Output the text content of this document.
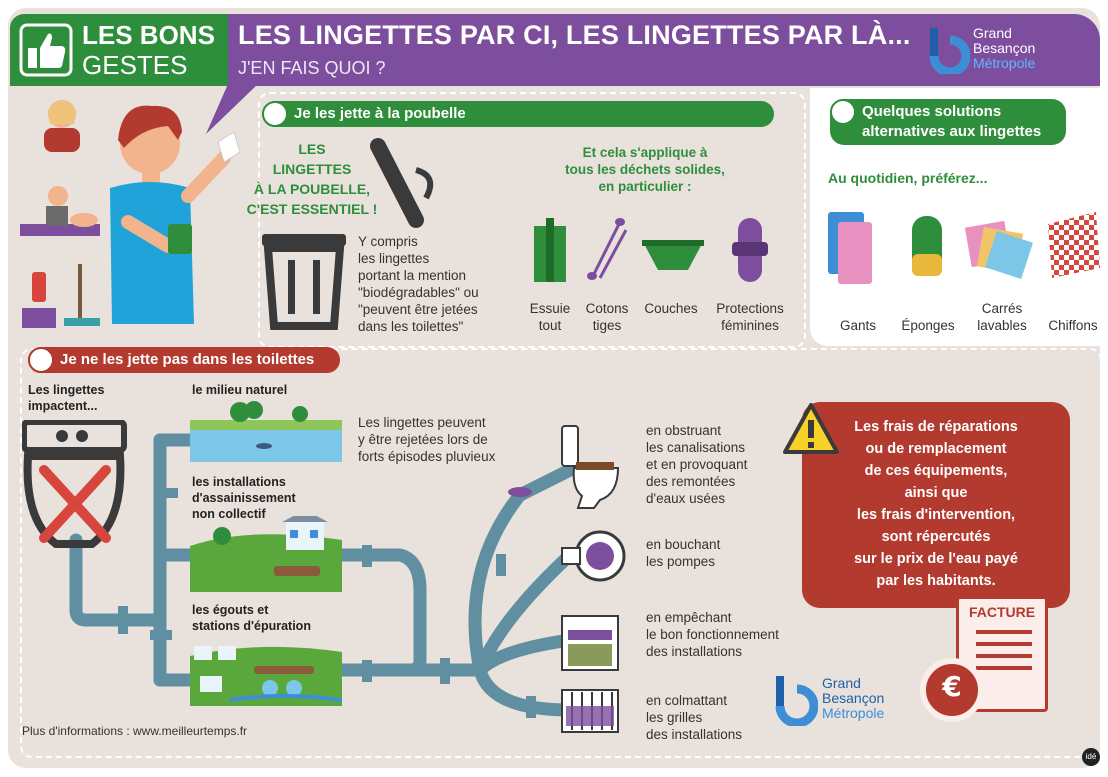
LES BONS
GESTES
LES LINGETTES PAR CI, LES LINGETTES PAR LÀ...
J'EN FAIS QUOI ?
Grand
Besançon
Métropole
Je les jette à la poubelle
LES
LINGETTES
À LA POUBELLE,
C'EST ESSENTIEL !
Y compris
les lingettes
portant la mention
"biodégradables" ou
"peuvent être jetées
dans les toilettes"
Et cela s'applique à
tous les déchets solides,
en particulier :
Essuie
tout
Cotons
tiges
Couches	Protections
féminines
Quelques solutions
alternatives aux lingettes
Au quotidien, préférez...
Gants	Éponges
Carrés
lavables	Chiffons
Je ne les jette pas dans les toilettes
Les lingettes
impactent...
le milieu naturel
Les lingettes peuvent
y être rejetées lors de
forts épisodes pluvieux
les installations
d'assainissement
non collectif
les égouts et
stations d'épuration
en obstruant
les canalisations
et en provoquant
des remontées
d'eaux usées
en bouchant
les pompes
en empêchant
le bon fonctionnement
des installations
en colmattant
les grilles
des installations
Les frais de réparations
ou de remplacement
de ces équipements,
ainsi que
les frais d'intervention,
sont répercutés
sur le prix de l'eau payé
par les habitants.
FACTURE
€
Grand
Besançon
Métropole
Plus d'informations : www.meilleurtemps.fr
idé
